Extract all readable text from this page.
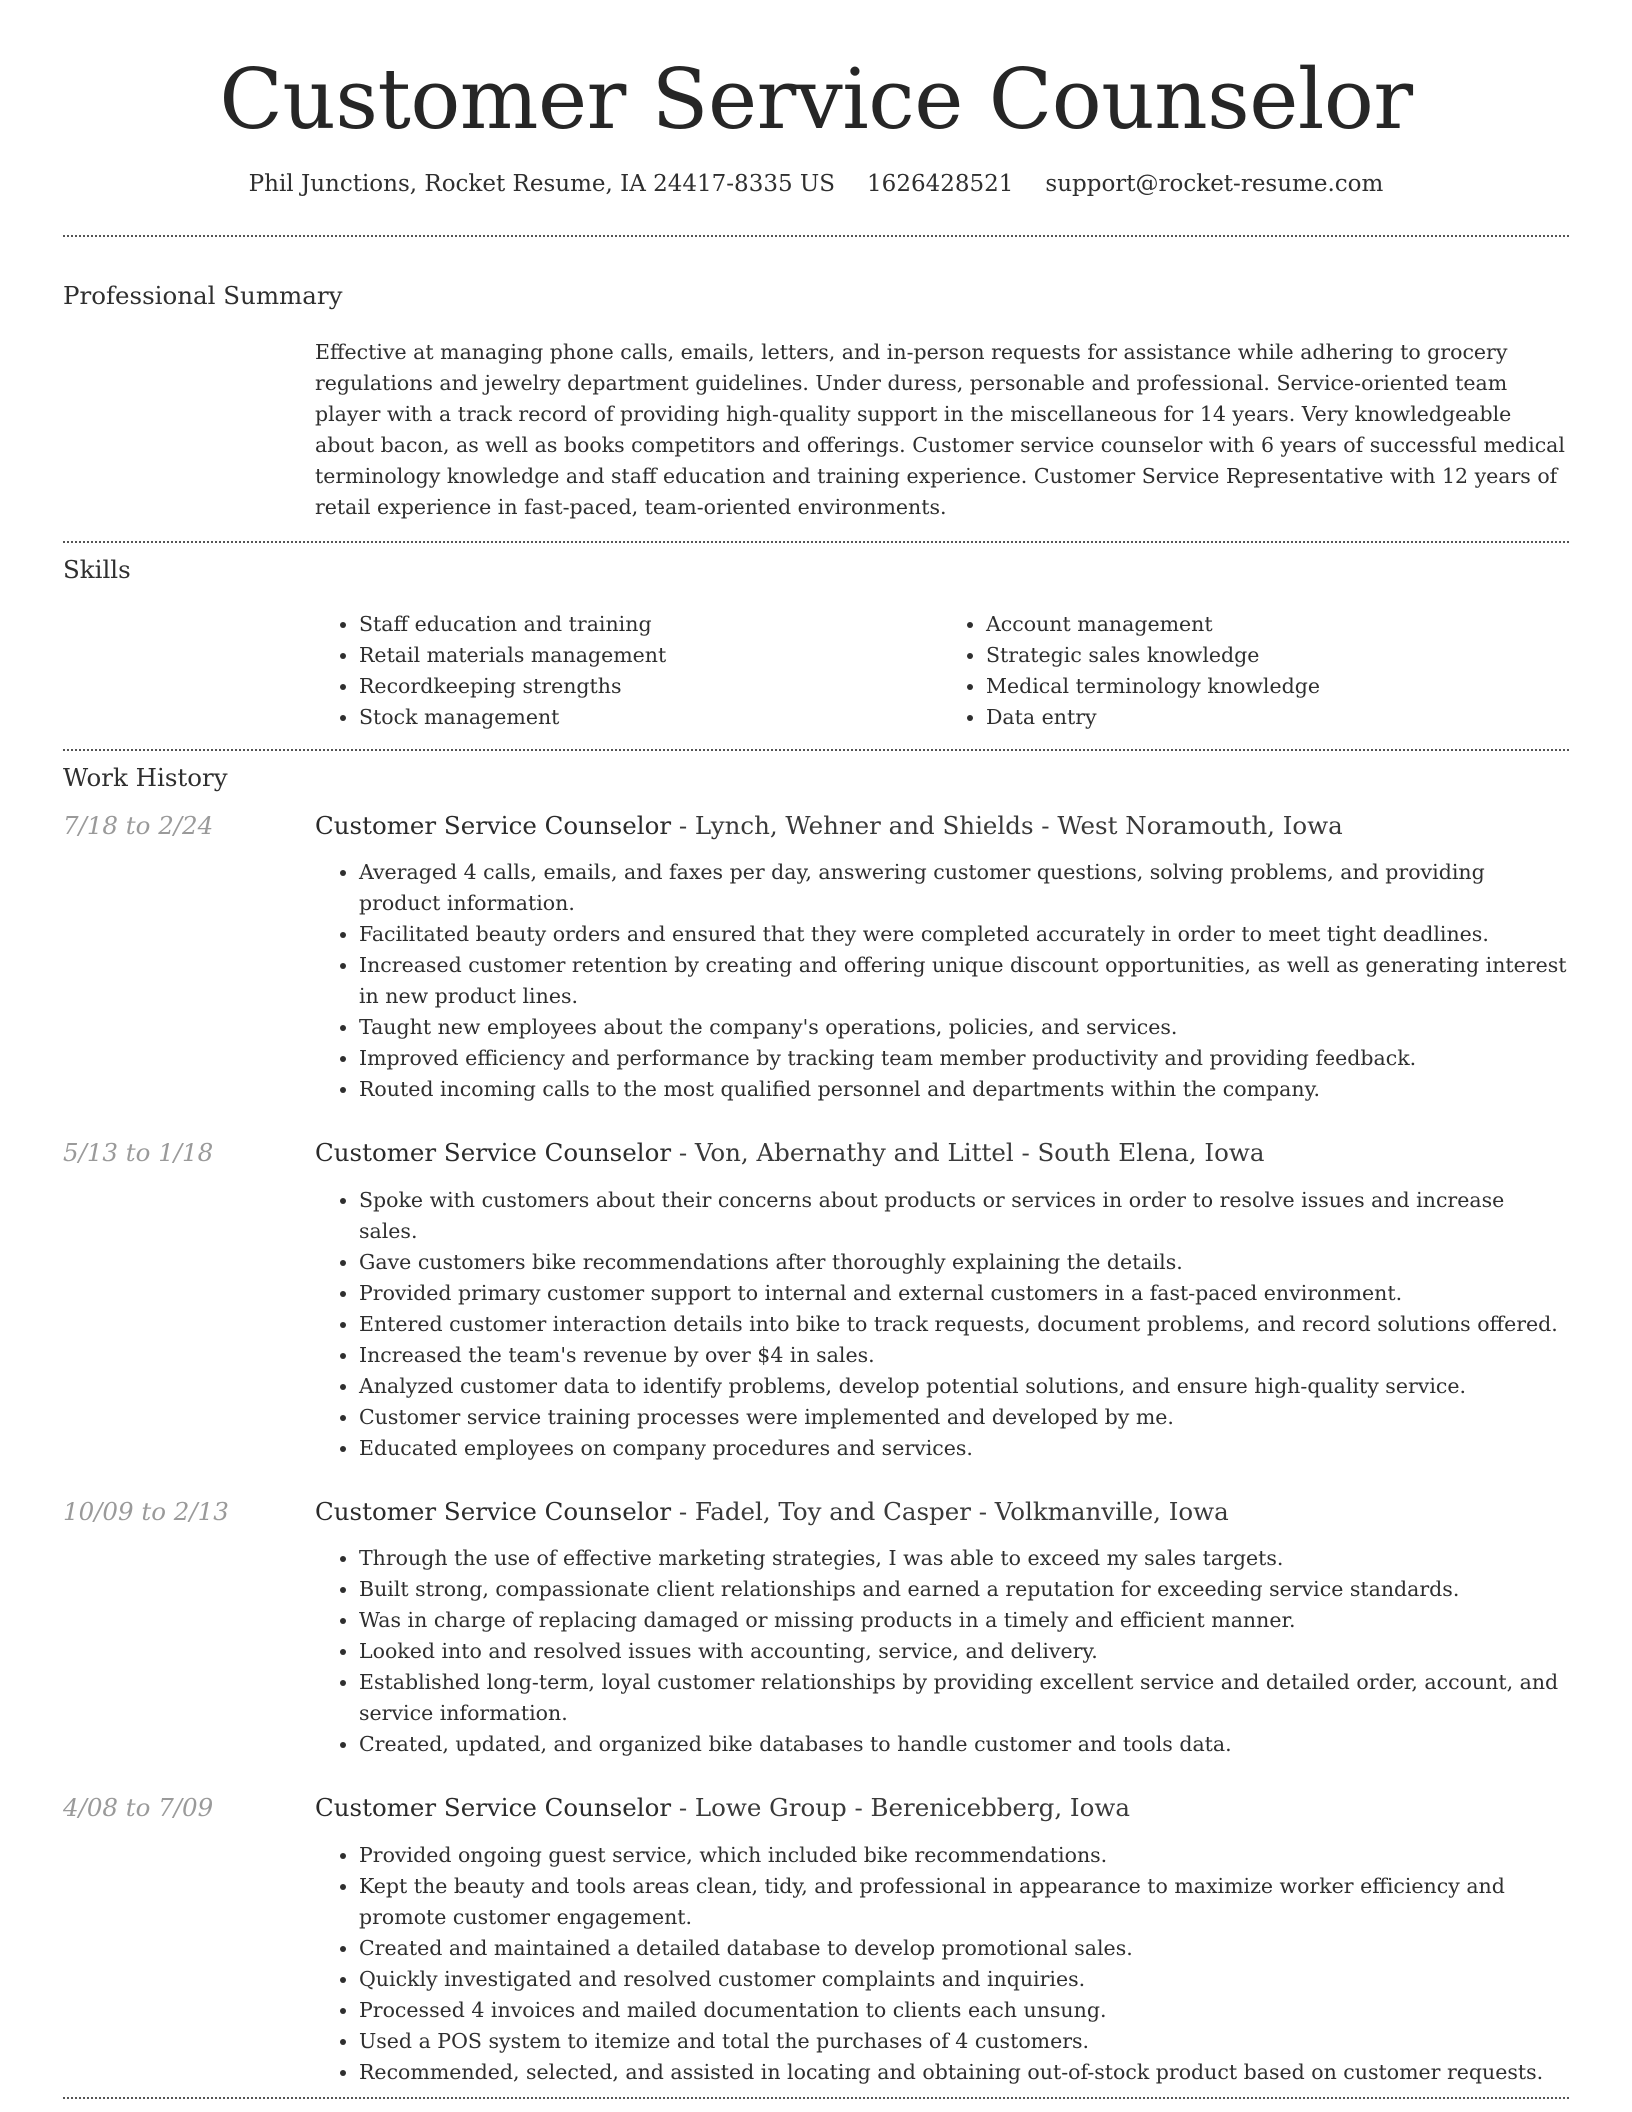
Customer Service Counselor
Phil Junctions, Rocket Resume, IA 24417-8335 US 1626428521 support@rocket-resume.com
Professional Summary

Effective at managing phone calls, emails, letters, and in-person requests for assistance while adhering to grocery regulations and jewelry department guidelines. Under duress, personable and professional. Service-oriented team player with a track record of providing high-quality support in the miscellaneous for 14 years. Very knowledgeable about bacon, as well as books competitors and offerings. Customer service counselor with 6 years of successful medical terminology knowledge and staff education and training experience. Customer Service Representative with 12 years of retail experience in fast-paced, team-oriented environments.

Skills
• Staff education and training
• Retail materials management
• Recordkeeping strengths
• Stock management
• Account management
• Strategic sales knowledge
• Medical terminology knowledge
• Data entry
Work History
7/18 to 2/24	Customer Service Counselor - Lynch, Wehner and Shields - West Noramouth, Iowa
• Averaged 4 calls, emails, and faxes per day, answering customer questions, solving problems, and providing product information.
• Facilitated beauty orders and ensured that they were completed accurately in order to meet tight deadlines.
• Increased customer retention by creating and offering unique discount opportunities, as well as generating interest in new product lines.
• Taught new employees about the company's operations, policies, and services.
• Improved efficiency and performance by tracking team member productivity and providing feedback.
• Routed incoming calls to the most qualified personnel and departments within the company.
5/13 to 1/18	Customer Service Counselor - Von, Abernathy and Littel - South Elena, Iowa
• Spoke with customers about their concerns about products or services in order to resolve issues and increase sales.
• Gave customers bike recommendations after thoroughly explaining the details.
• Provided primary customer support to internal and external customers in a fast-paced environment.
• Entered customer interaction details into bike to track requests, document problems, and record solutions offered.
• Increased the team's revenue by over $4 in sales.
• Analyzed customer data to identify problems, develop potential solutions, and ensure high-quality service.
• Customer service training processes were implemented and developed by me.
• Educated employees on company procedures and services.
10/09 to 2/13	Customer Service Counselor - Fadel, Toy and Casper - Volkmanville, Iowa
• Through the use of effective marketing strategies, I was able to exceed my sales targets.
• Built strong, compassionate client relationships and earned a reputation for exceeding service standards.
• Was in charge of replacing damaged or missing products in a timely and efficient manner.
• Looked into and resolved issues with accounting, service, and delivery.
• Established long-term, loyal customer relationships by providing excellent service and detailed order, account, and service information.
• Created, updated, and organized bike databases to handle customer and tools data.
4/08 to 7/09	Customer Service Counselor - Lowe Group - Berenicebberg, Iowa
• Provided ongoing guest service, which included bike recommendations.
• Kept the beauty and tools areas clean, tidy, and professional in appearance to maximize worker efficiency and promote customer engagement.
• Created and maintained a detailed database to develop promotional sales.
• Quickly investigated and resolved customer complaints and inquiries.
• Processed 4 invoices and mailed documentation to clients each unsung.
• Used a POS system to itemize and total the purchases of 4 customers.
• Recommended, selected, and assisted in locating and obtaining out-of-stock product based on customer requests.
